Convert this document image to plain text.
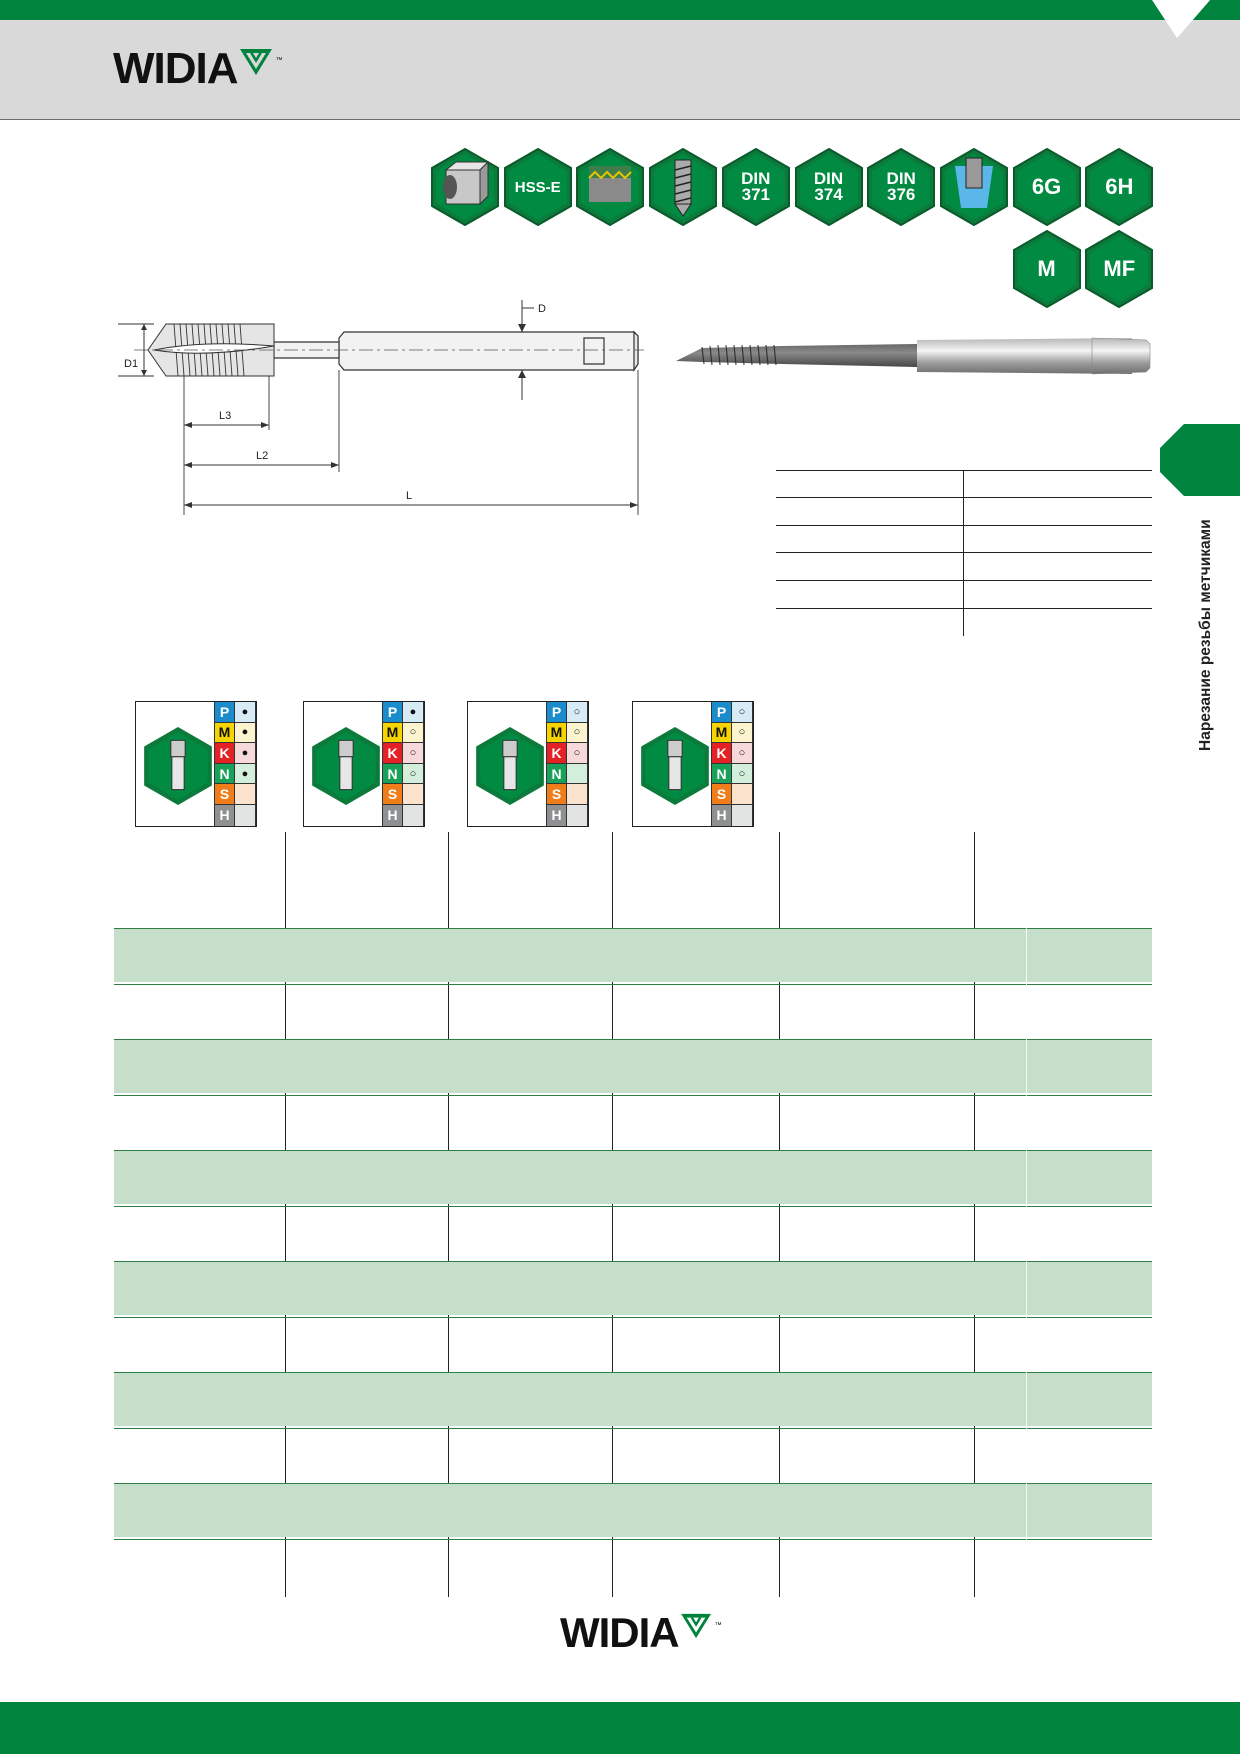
WIDIA	™
HSS-E	DIN
371
DIN
374
DIN
376	6G 6H
M MF
D
D1
L3
L2
L
Нарезание резьбы метчиками
P	●
M	●
K	●
N	●
S
H
P	●
M	○
K	○
N	○
S
H
P	○
M	○
K	○
N
S
H
P	○
M	○
K	○
N	○
S
H
WIDIA	™
